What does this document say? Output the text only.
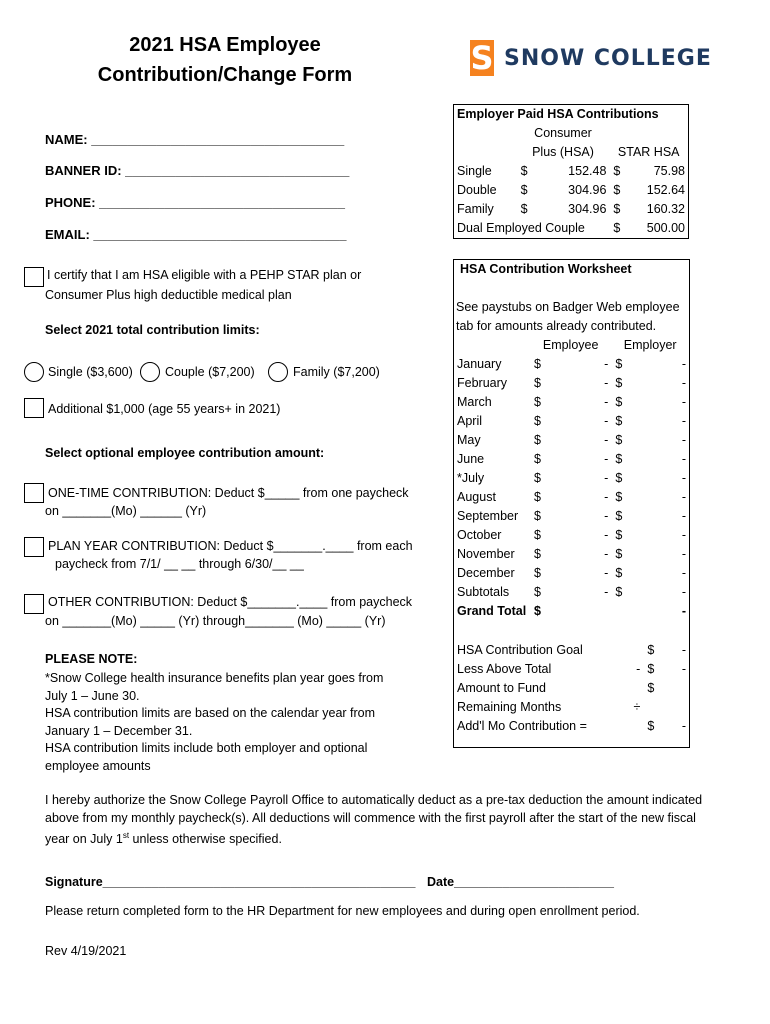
2021 HSA Employee
Contribution/Change Form	S SNOW COLLEGE
NAME: ___________________________________
BANNER ID: _______________________________
PHONE: __________________________________
EMAIL: ___________________________________
I certify that I am HSA eligible with a PEHP STAR plan or
Consumer Plus high deductible medical plan
Select 2021 total contribution limits:
Single ($3,600)	Couple ($7,200)	Family ($7,200)
Additional $1,000 (age 55 years+ in 2021)
Select optional employee contribution amount:
ONE-TIME CONTRIBUTION: Deduct $_____ from one paycheck
on _______(Mo) ______ (Yr)
PLAN YEAR CONTRIBUTION: Deduct $_______.____ from each
paycheck from 7/1/ __ __ through 6/30/__ __
OTHER CONTRIBUTION: Deduct $_______.____ from paycheck
on _______(Mo) _____ (Yr) through_______ (Mo) _____ (Yr)
PLEASE NOTE:
*Snow College health insurance benefits plan year goes from
July 1 – June 30.
HSA contribution limits are based on the calendar year from
January 1 – December 31.
HSA contribution limits include both employer and optional
employee amounts
Employer Paid HSA Contributions				
	Consumer			
	Plus (HSA)		STAR HSA	
Single	$	152.48	$	75.98
Double	$	304.96	$	152.64
Family	$	304.96	$	160.32
Dual Employed Couple			$	500.00
HSA Contribution Worksheet
See paystubs on Badger Web employee
tab for amounts already contributed.
	Employee		Employer	
January	$	-	$	-
February	$	-	$	-
March	$	-	$	-
April	$	-	$	-
May	$	-	$	-
June	$	-	$	-
*July	$	-	$	-
August	$	-	$	-
September	$	-	$	-
October	$	-	$	-
November	$	-	$	-
December	$	-	$	-
Subtotals	$	-	$	-
Grand Total	$			-

HSA Contribution Goal			$	-
Less Above Total		-	$	-
Amount to Fund			$	
Remaining Months		÷		
Add'l Mo Contribution =			$	-
I hereby authorize the Snow College Payroll Office to automatically deduct as a pre-tax deduction the amount indicated
above from my monthly paycheck(s). All deductions will commence with the first payroll after the start of the new fiscal
year on July 1st unless otherwise specified.
Signature_____________________________________________ Date_______________________
Please return completed form to the HR Department for new employees and during open enrollment period.
Rev 4/19/2021
